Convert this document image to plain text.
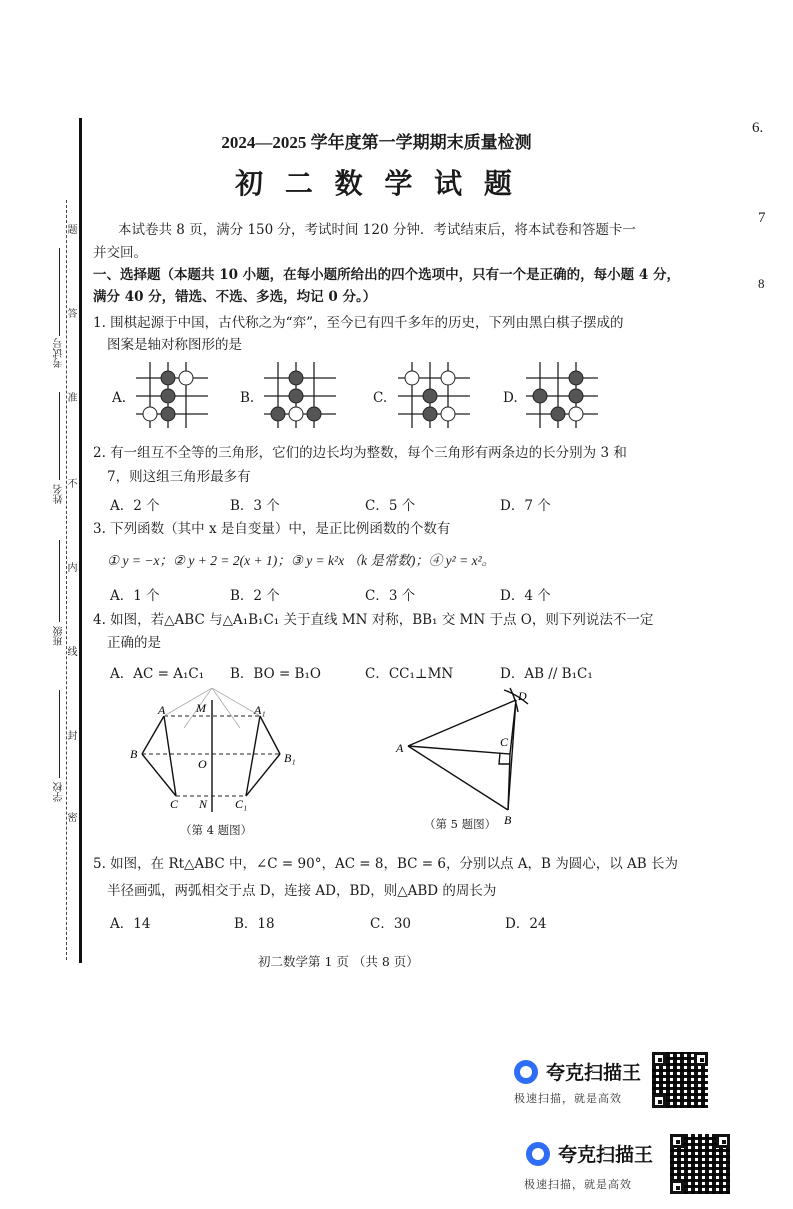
6.
7
8
题
答
准
不
内
线
封
密
考试号
姓名
班级
学校
2024—2025 学年度第一学期期末质量检测
初 二 数 学 试 题
本试卷共 8 页，满分 150 分，考试时间 120 分钟．考试结束后，将本试卷和答题卡一
并交回。
一、选择题（本题共 10 小题，在每小题所给出的四个选项中，只有一个是正确的，每小题 4 分，
满分 40 分，错选、不选、多选，均记 0 分。）
1. 围棋起源于中国，古代称之为“弈”，至今已有四千多年的历史，下列由黑白棋子摆成的
图案是轴对称图形的是
A.	B.	C.	D.
2. 有一组互不全等的三角形，它们的边长均为整数，每个三角形有两条边的长分别为 3 和
7，则这组三角形最多有
A．2 个	B．3 个	C．5 个	D．7 个
3. 下列函数（其中 x 是自变量）中，是正比例函数的个数有
① y = −x；② y + 2 = 2(x + 1)；③ y = k²x （k 是常数)；④ y² = x²。
A．1 个	B．2 个	C．3 个	D．4 个
4. 如图，若△ABC 与△A₁B₁C₁ 关于直线 MN 对称，BB₁ 交 MN 于点 O，则下列说法不一定
正确的是
A．AC = A₁C₁ B．BO = B₁O	C．CC₁⊥MN	D．AB // B₁C₁
A	M	A₁
B
O	B₁
C N C₁
（第 4 题图）
A	C
D
B
（第 5 题图）
5. 如图，在 Rt△ABC 中，∠C = 90°，AC = 8，BC = 6，分别以点 A，B 为圆心，以 AB 长为
半径画弧，两弧相交于点 D，连接 AD，BD，则△ABD 的周长为
A．14	B．18	C．30	D．24
初二数学第 1 页 （共 8 页）
夸克扫描王
极速扫描，就是高效
夸克扫描王
极速扫描，就是高效
